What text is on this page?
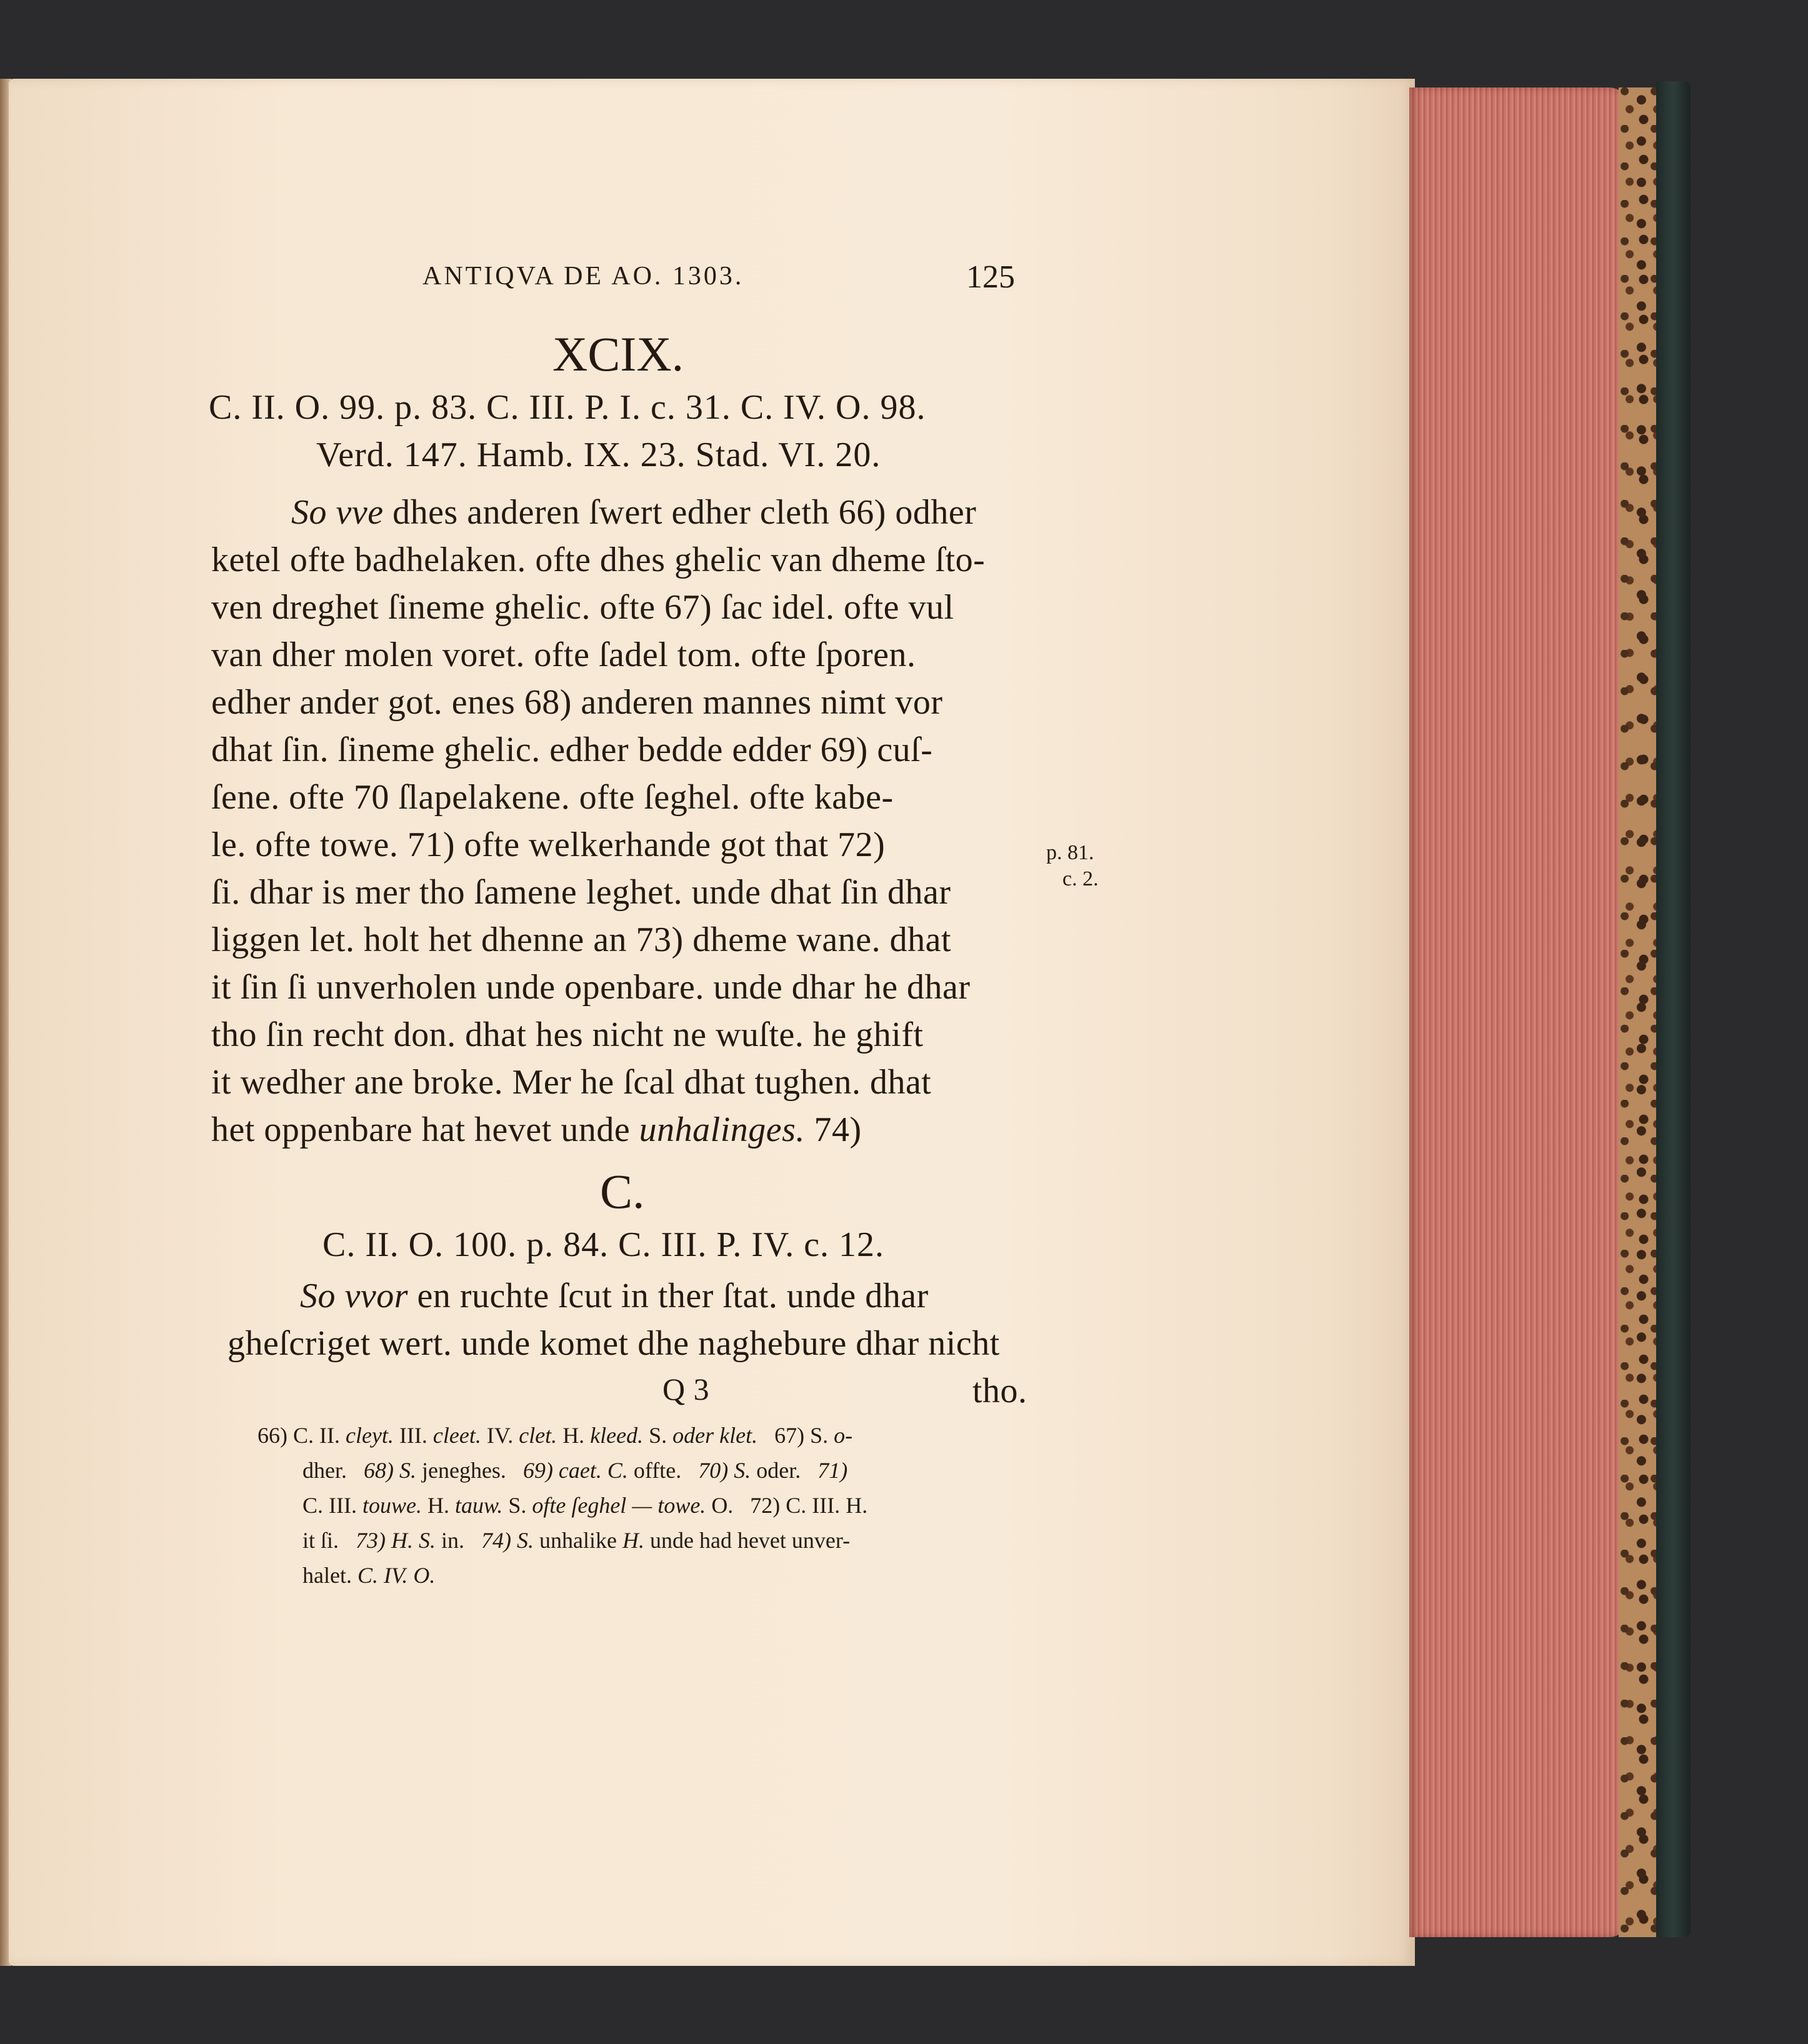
ANTIQVA DE AO. 1303.	125
XCIX.
C. II. O. 99. p. 83. C. III. P. I. c. 31. C. IV. O. 98.
Verd. 147. Hamb. IX. 23. Stad. VI. 20.
So vve dhes anderen ſwert edher cleth 66) odher
ketel ofte badhelaken. ofte dhes ghelic van dheme ſto-
ven dreghet ſineme ghelic. ofte 67) ſac idel. ofte vul
van dher molen voret. ofte ſadel tom. ofte ſporen.
edher ander got. enes 68) anderen mannes nimt vor
dhat ſin. ſineme ghelic. edher bedde edder 69) cuſ-
ſene. ofte 70 ſlapelakene. ofte ſeghel. ofte kabe-
le. ofte towe. 71) ofte welkerhande got that 72)
ſi. dhar is mer tho ſamene leghet. unde dhat ſin dhar
liggen let. holt het dhenne an 73) dheme wane. dhat
it ſin ſi unverholen unde openbare. unde dhar he dhar
tho ſin recht don. dhat hes nicht ne wuſte. he ghift
it wedher ane broke. Mer he ſcal dhat tughen. dhat
het oppenbare hat hevet unde unhalinges. 74)
p. 81.
c. 2.
C.
C. II. O. 100. p. 84. C. III. P. IV. c. 12.
So vvor en ruchte ſcut in ther ſtat. unde dhar
gheſcriget wert. unde komet dhe naghebure dhar nicht
Q 3	tho.
66) C. II. cleyt. III. cleet. IV. clet. H. kleed. S. oder klet.   67) S. o-
dher.   68) S. jeneghes.   69) caet. C. offte.   70) S. oder.   71)
C. III. touwe. H. tauw. S. ofte ſeghel — towe. O.   72) C. III. H.
it ſi.   73) H. S. in.   74) S. unhalike H. unde had hevet unver-
halet. C. IV. O.
